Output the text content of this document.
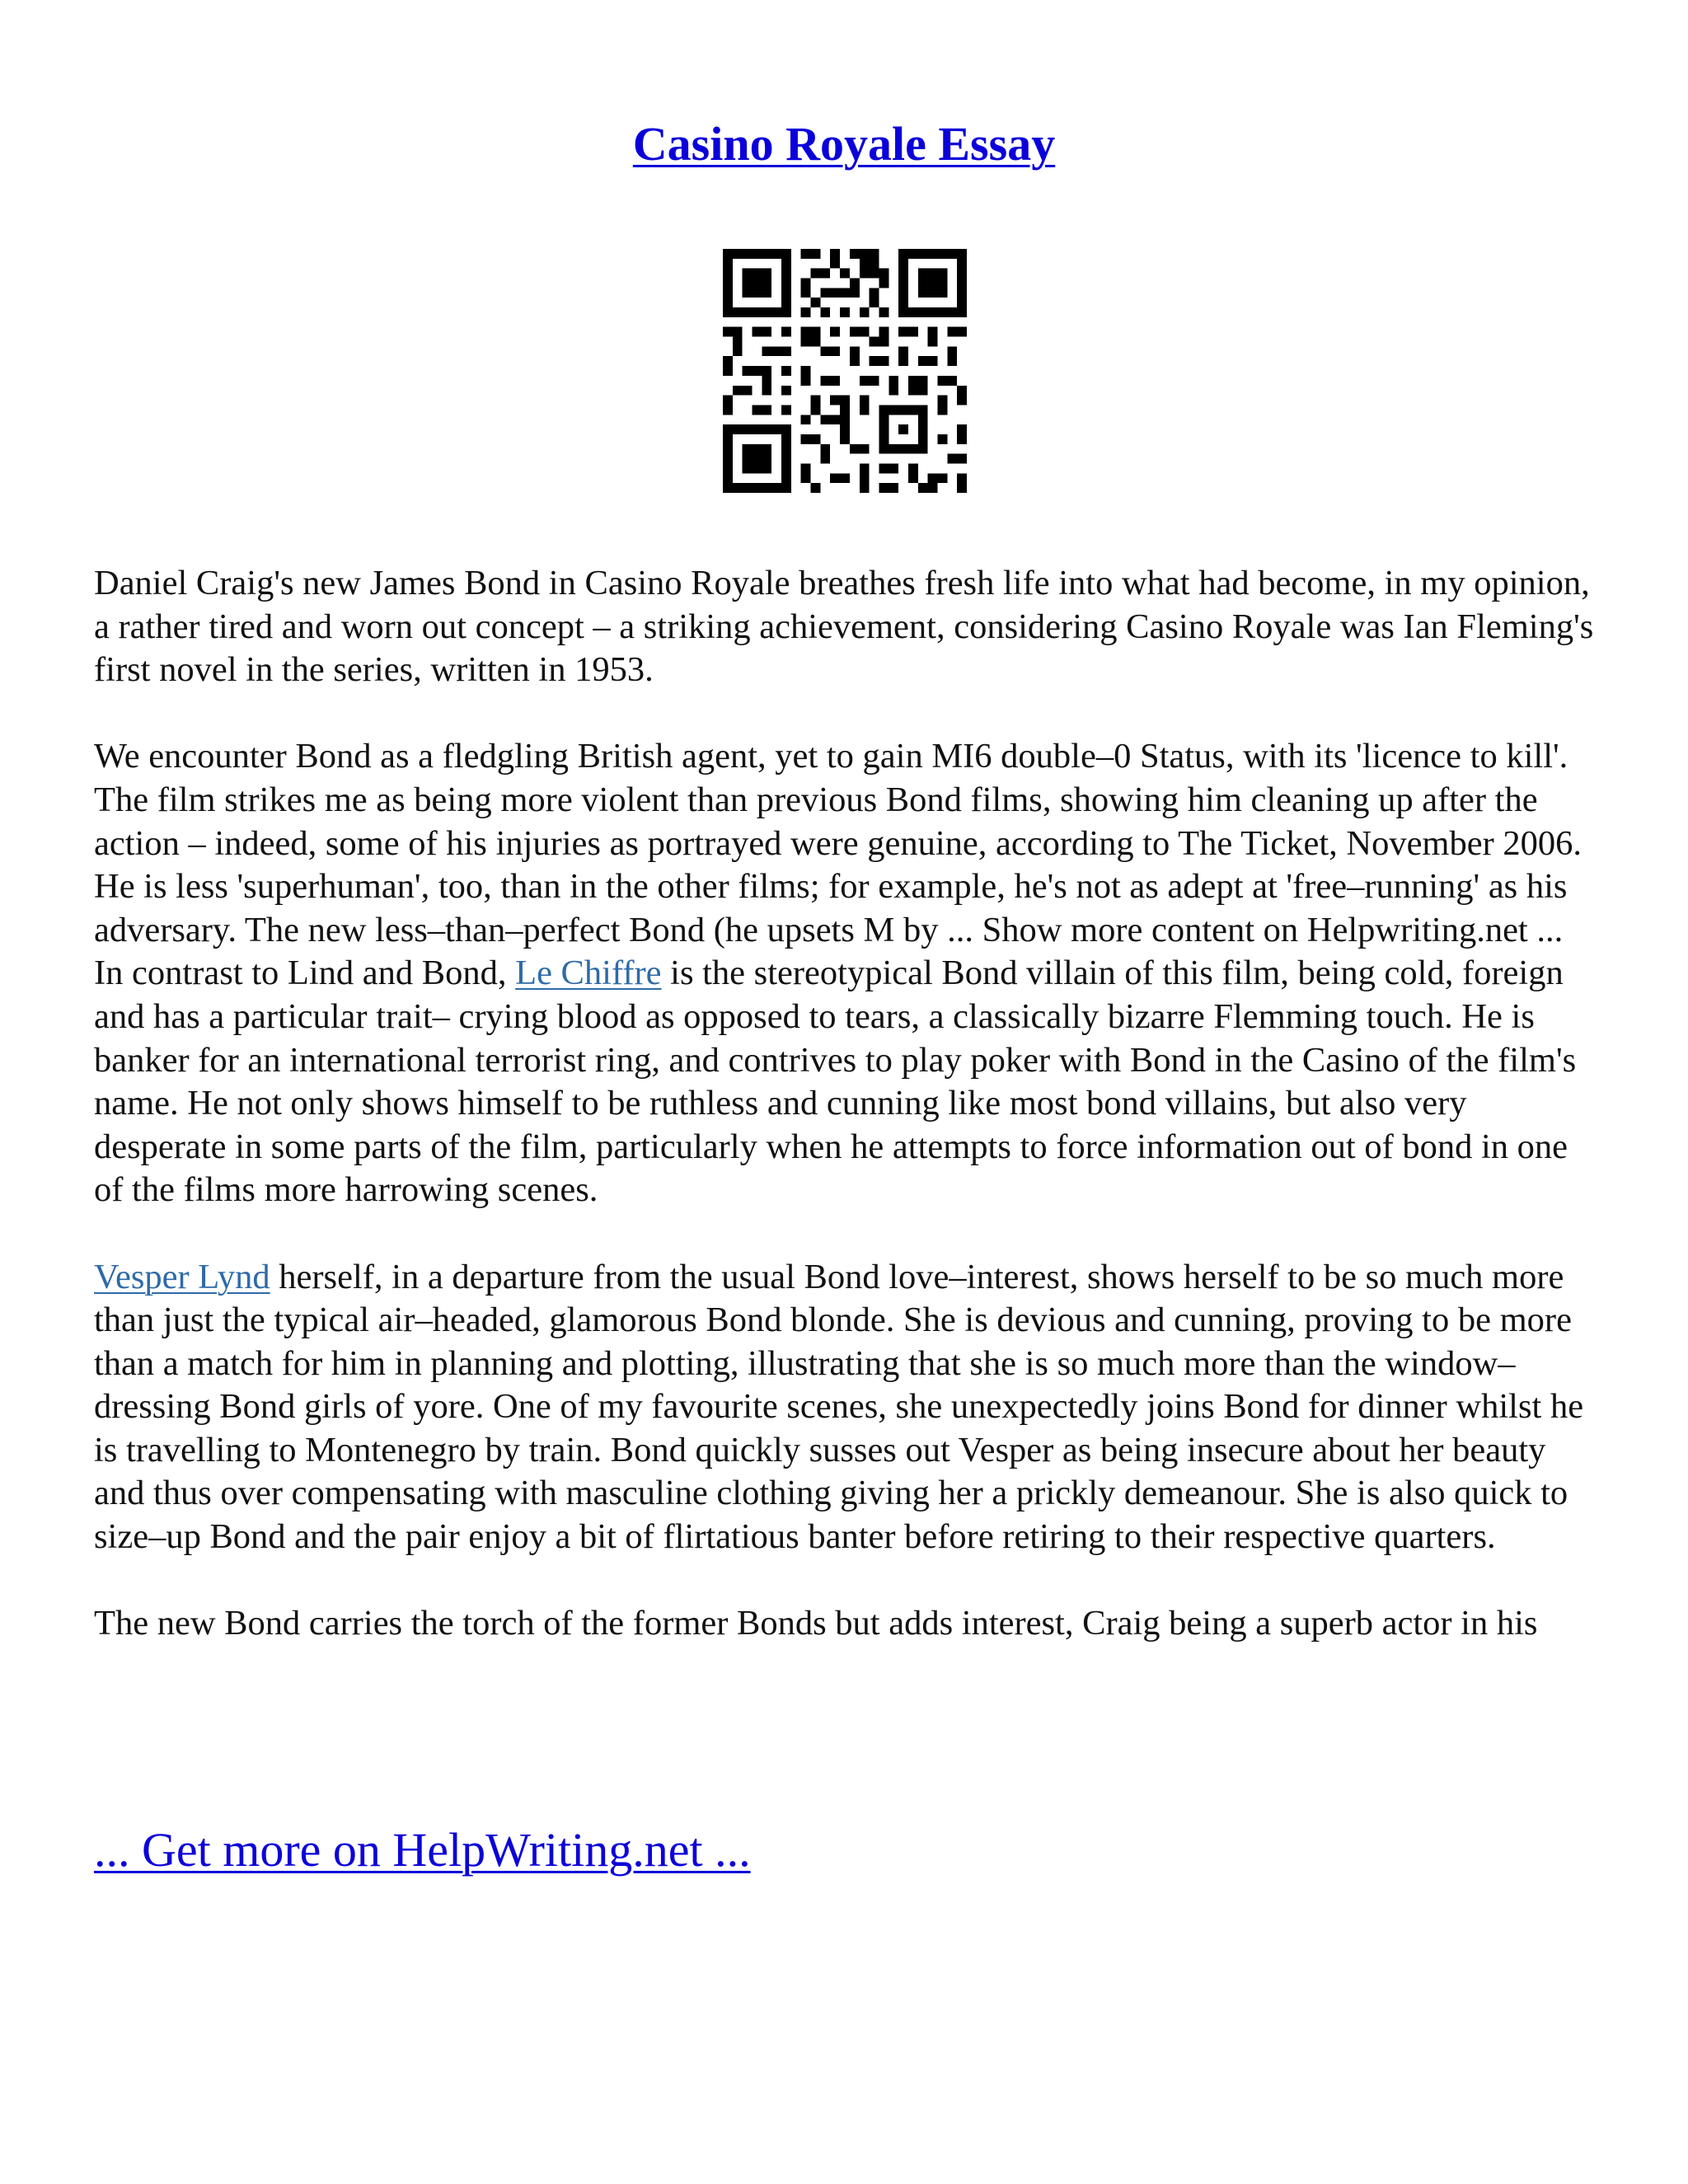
Casino Royale Essay

Daniel Craig's new James Bond in Casino Royale breathes fresh life into what had become, in my opinion, a rather tired and worn out concept – a striking achievement, considering Casino Royale was Ian Fleming's first novel in the series, written in 1953.

We encounter Bond as a fledgling British agent, yet to gain MI6 double–0 Status, with its 'licence to kill'. The film strikes me as being more violent than previous Bond films, showing him cleaning up after the action – indeed, some of his injuries as portrayed were genuine, according to The Ticket, November 2006. He is less 'superhuman', too, than in the other films; for example, he's not as adept at 'free–running' as his adversary. The new less–than–perfect Bond (he upsets M by ... Show more content on Helpwriting.net ...

In contrast to Lind and Bond, Le Chiffre is the stereotypical Bond villain of this film, being cold, foreign and has a particular trait– crying blood as opposed to tears, a classically bizarre Flemming touch. He is banker for an international terrorist ring, and contrives to play poker with Bond in the Casino of the film's name. He not only shows himself to be ruthless and cunning like most bond villains, but also very desperate in some parts of the film, particularly when he attempts to force information out of bond in one of the films more harrowing scenes.

Vesper Lynd herself, in a departure from the usual Bond love–interest, shows herself to be so much more than just the typical air–headed, glamorous Bond blonde. She is devious and cunning, proving to be more than a match for him in planning and plotting, illustrating that she is so much more than the window–dressing Bond girls of yore. One of my favourite scenes, she unexpectedly joins Bond for dinner whilst he is travelling to Montenegro by train. Bond quickly susses out Vesper as being insecure about her beauty and thus over compensating with masculine clothing giving her a prickly demeanour. She is also quick to size–up Bond and the pair enjoy a bit of flirtatious banter before retiring to their respective quarters.

The new Bond carries the torch of the former Bonds but adds interest, Craig being a superb actor in his

... Get more on HelpWriting.net ...
